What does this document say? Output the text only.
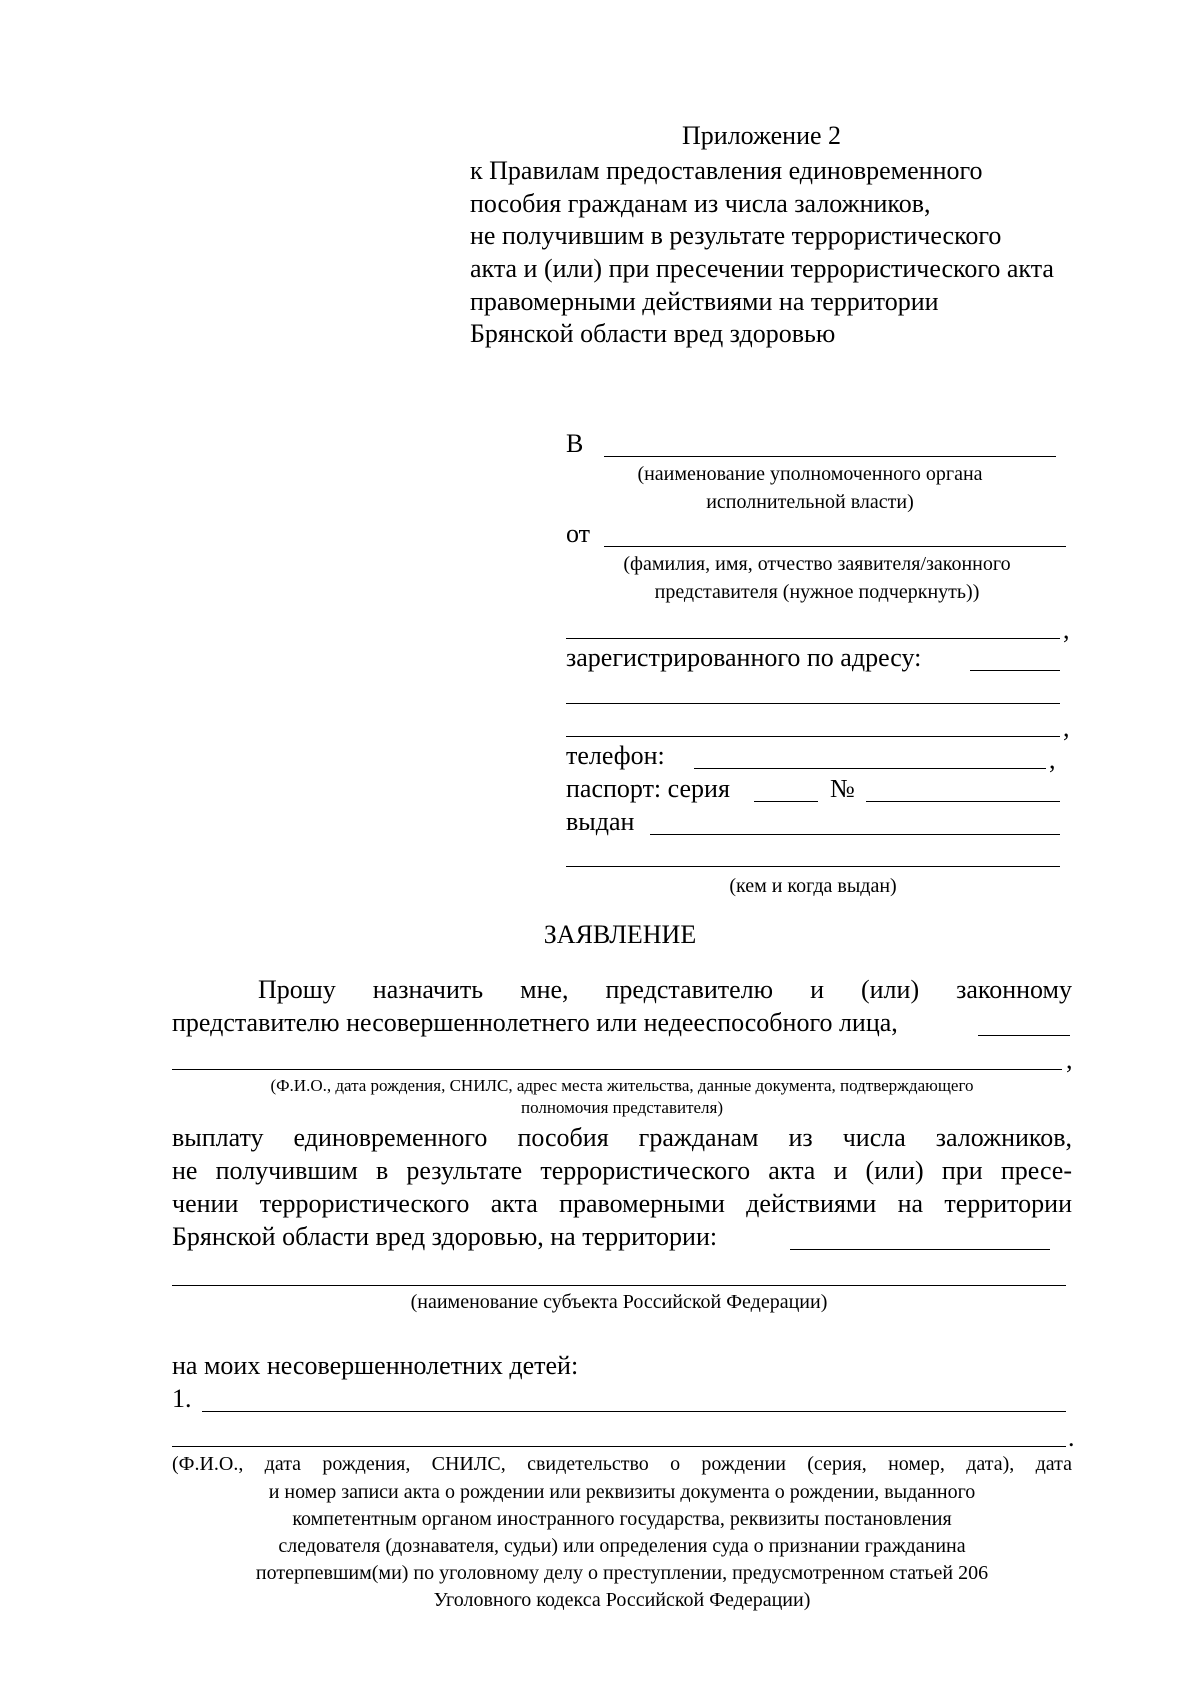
Приложение 2
к Правилам предоставления единовременного
пособия гражданам из числа заложников,
не получившим в результате террористического
акта и (или) при пресечении террористического акта
правомерными действиями на территории
Брянской области вред здоровью
В
(наименование уполномоченного органа
исполнительной власти)
от
(фамилия, имя, отчество заявителя/законного
представителя (нужное подчеркнуть))
,
зарегистрированного по адресу:
,
телефон:	,
паспорт: серия	№
выдан
(кем и когда выдан)
ЗАЯВЛЕНИЕ
Прошу назначить мне, представителю и (или) законному
представителю несовершеннолетнего или недееспособного лица,
,
(Ф.И.О., дата рождения, СНИЛС, адрес места жительства, данные документа, подтверждающего
полномочия представителя)
выплату единовременного пособия гражданам из числа заложников,
не получившим в результате террористического акта и (или) при пресе-
чении террористического акта правомерными действиями на территории
Брянской области вред здоровью, на территории:
(наименование субъекта Российской Федерации)
на моих несовершеннолетних детей:
1.
.
(Ф.И.О., дата рождения, СНИЛС, свидетельство о рождении (серия, номер, дата), дата
и номер записи акта о рождении или реквизиты документа о рождении, выданного
компетентным органом иностранного государства, реквизиты постановления
следователя (дознавателя, судьи) или определения суда о признании гражданина
потерпевшим(ми) по уголовному делу о преступлении, предусмотренном статьей 206
Уголовного кодекса Российской Федерации)
